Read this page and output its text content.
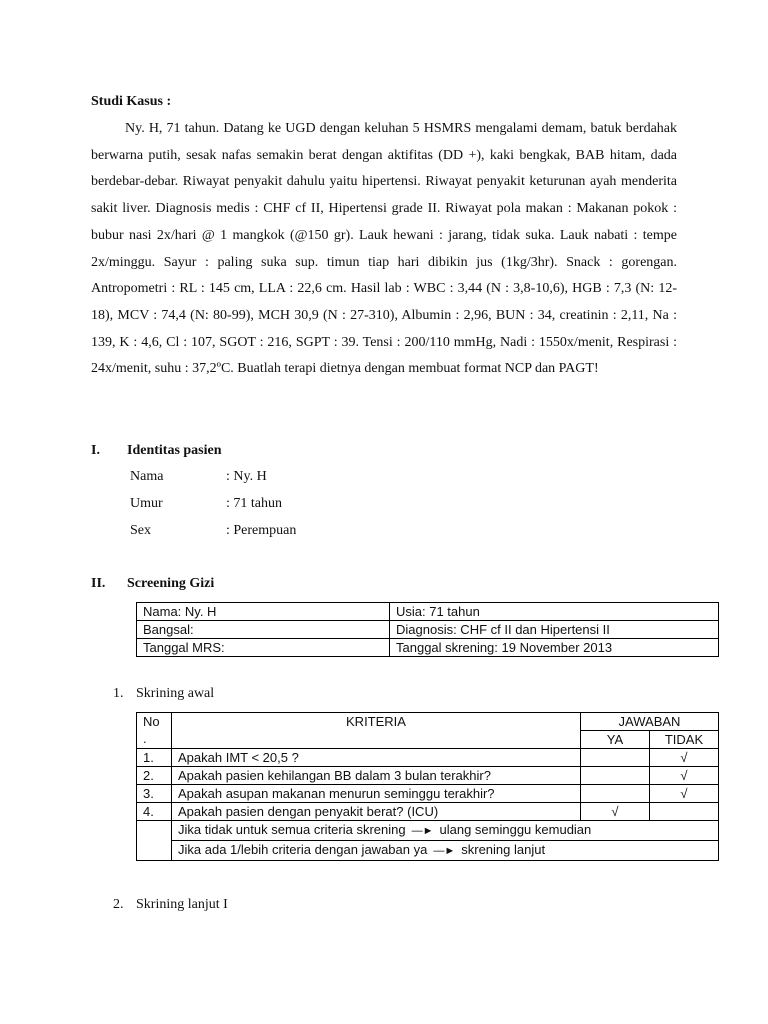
Studi Kasus :

Ny. H, 71 tahun. Datang ke UGD dengan keluhan 5 HSMRS mengalami demam, batuk berdahak berwarna putih, sesak nafas semakin berat dengan aktifitas (DD +), kaki bengkak, BAB hitam, dada berdebar-debar. Riwayat penyakit dahulu yaitu hipertensi. Riwayat penyakit keturunan ayah menderita sakit liver. Diagnosis medis : CHF cf II, Hipertensi grade II. Riwayat pola makan : Makanan pokok : bubur nasi 2x/hari @ 1 mangkok (@150 gr). Lauk hewani : jarang, tidak suka. Lauk nabati : tempe 2x/minggu. Sayur : paling suka sup. timun tiap hari dibikin jus (1kg/3hr). Snack : gorengan. Antropometri : RL : 145 cm, LLA : 22,6 cm. Hasil lab : WBC : 3,44 (N : 3,8-10,6), HGB : 7,3 (N: 12-18), MCV : 74,4 (N: 80-99), MCH 30,9 (N : 27-310), Albumin : 2,96, BUN : 34, creatinin : 2,11, Na : 139, K : 4,6, Cl : 107, SGOT : 216, SGPT : 39. Tensi : 200/110 mmHg, Nadi : 1550x/menit, Respirasi : 24x/menit, suhu : 37,2ºC. Buatlah terapi dietnya dengan membuat format NCP dan PAGT!

I. Identitas pasien
Nama	: Ny. H
Umur	: 71 tahun
Sex	: Perempuan
II. Screening Gizi
Nama: Ny. H	Usia: 71 tahun
Bangsal:	Diagnosis: CHF cf II dan Hipertensi II
Tanggal MRS:	Tanggal skrening: 19 November 2013
1. Skrining awal
No
.	KRITERIA	JAWABAN	
		YA	TIDAK
1.	Apakah IMT < 20,5 ?		√
2.	Apakah pasien kehilangan BB dalam 3 bulan terakhir?		√
3.	Apakah asupan makanan menurun seminggu terakhir?		√
4.	Apakah pasien dengan penyakit berat? (ICU)	√	
	Jika tidak untuk semua criteria skrening —► ulang seminggu kemudian		
	Jika ada 1/lebih criteria dengan jawaban ya —► skrening lanjut		
2. Skrining lanjut I
